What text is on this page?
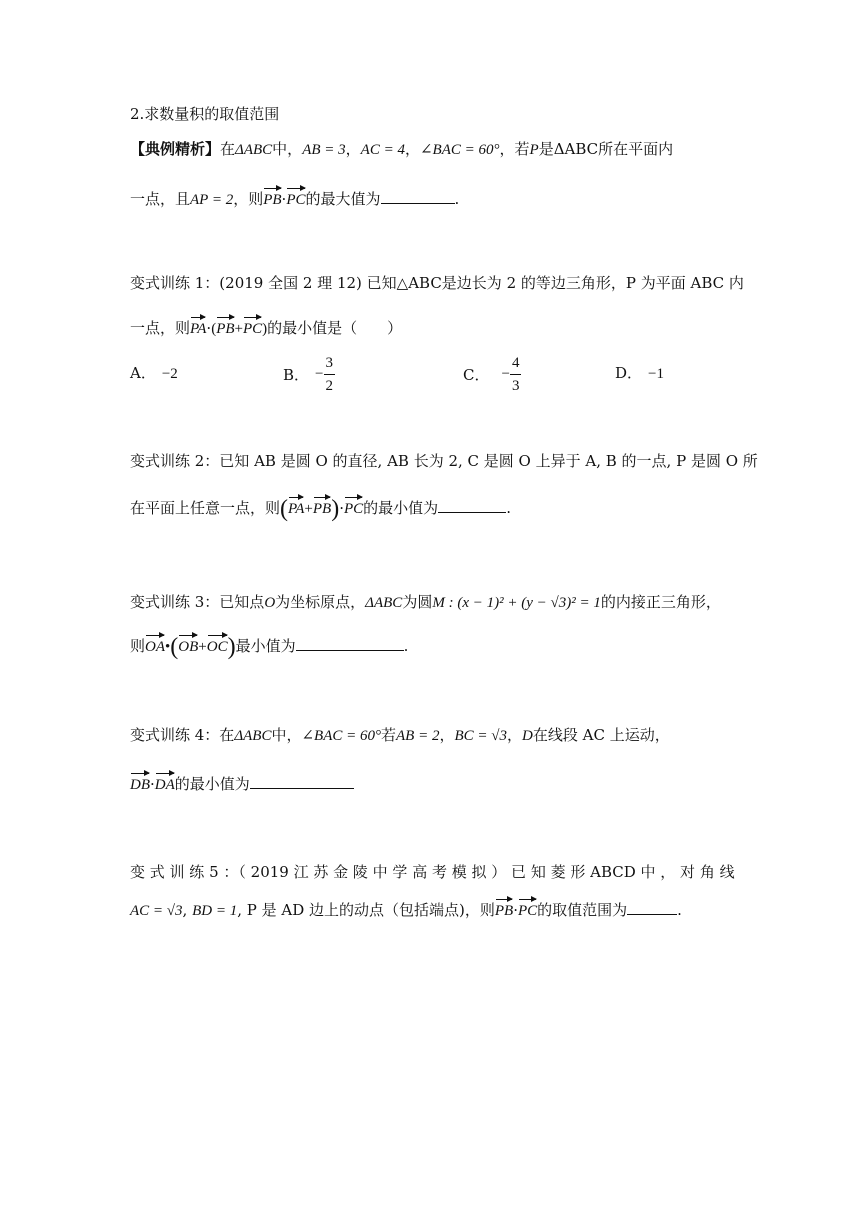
2.求数量积的取值范围
【典例精析】在ΔABC中，AB = 3，AC = 4，∠BAC = 60°，若P是ΔABC所在平面内
一点，且AP = 2，则PB·PC的最大值为	.
变式训练 1：(2019 全国 2 理 12) 已知△ABC是边长为 2 的等边三角形，P 为平面 ABC 内
一点，则PA·(PB+PC)的最小值是（　　）
A． −2	B． − $\frac{3}{2}$	C． − $\frac{4}{3}$	D． −1
变式训练 2：已知 AB 是圆 O 的直径, AB 长为 2, C 是圆 O 上异于 A, B 的一点, P 是圆 O 所
在平面上任意一点，则(PA+PB)·PC的最小值为	.
变式训练 3：已知点O为坐标原点，ΔABC为圆M : (x − 1)² + (y − √3)² = 1的内接正三角形，
则OA•(OB+OC)最小值为	.
变式训练 4：在ΔABC中，∠BAC = 60°若AB = 2，BC = √3，D在线段 AC 上运动，
DB·DA的最小值为
变 式 训 练 5 ：（ 2019 江 苏 金 陵 中 学 高 考 模 拟 ） 已 知 菱 形 ABCD 中 ， 对 角 线
AC = √3, BD = 1, P 是 AD 边上的动点（包括端点)，则PB·PC的取值范围为	.
